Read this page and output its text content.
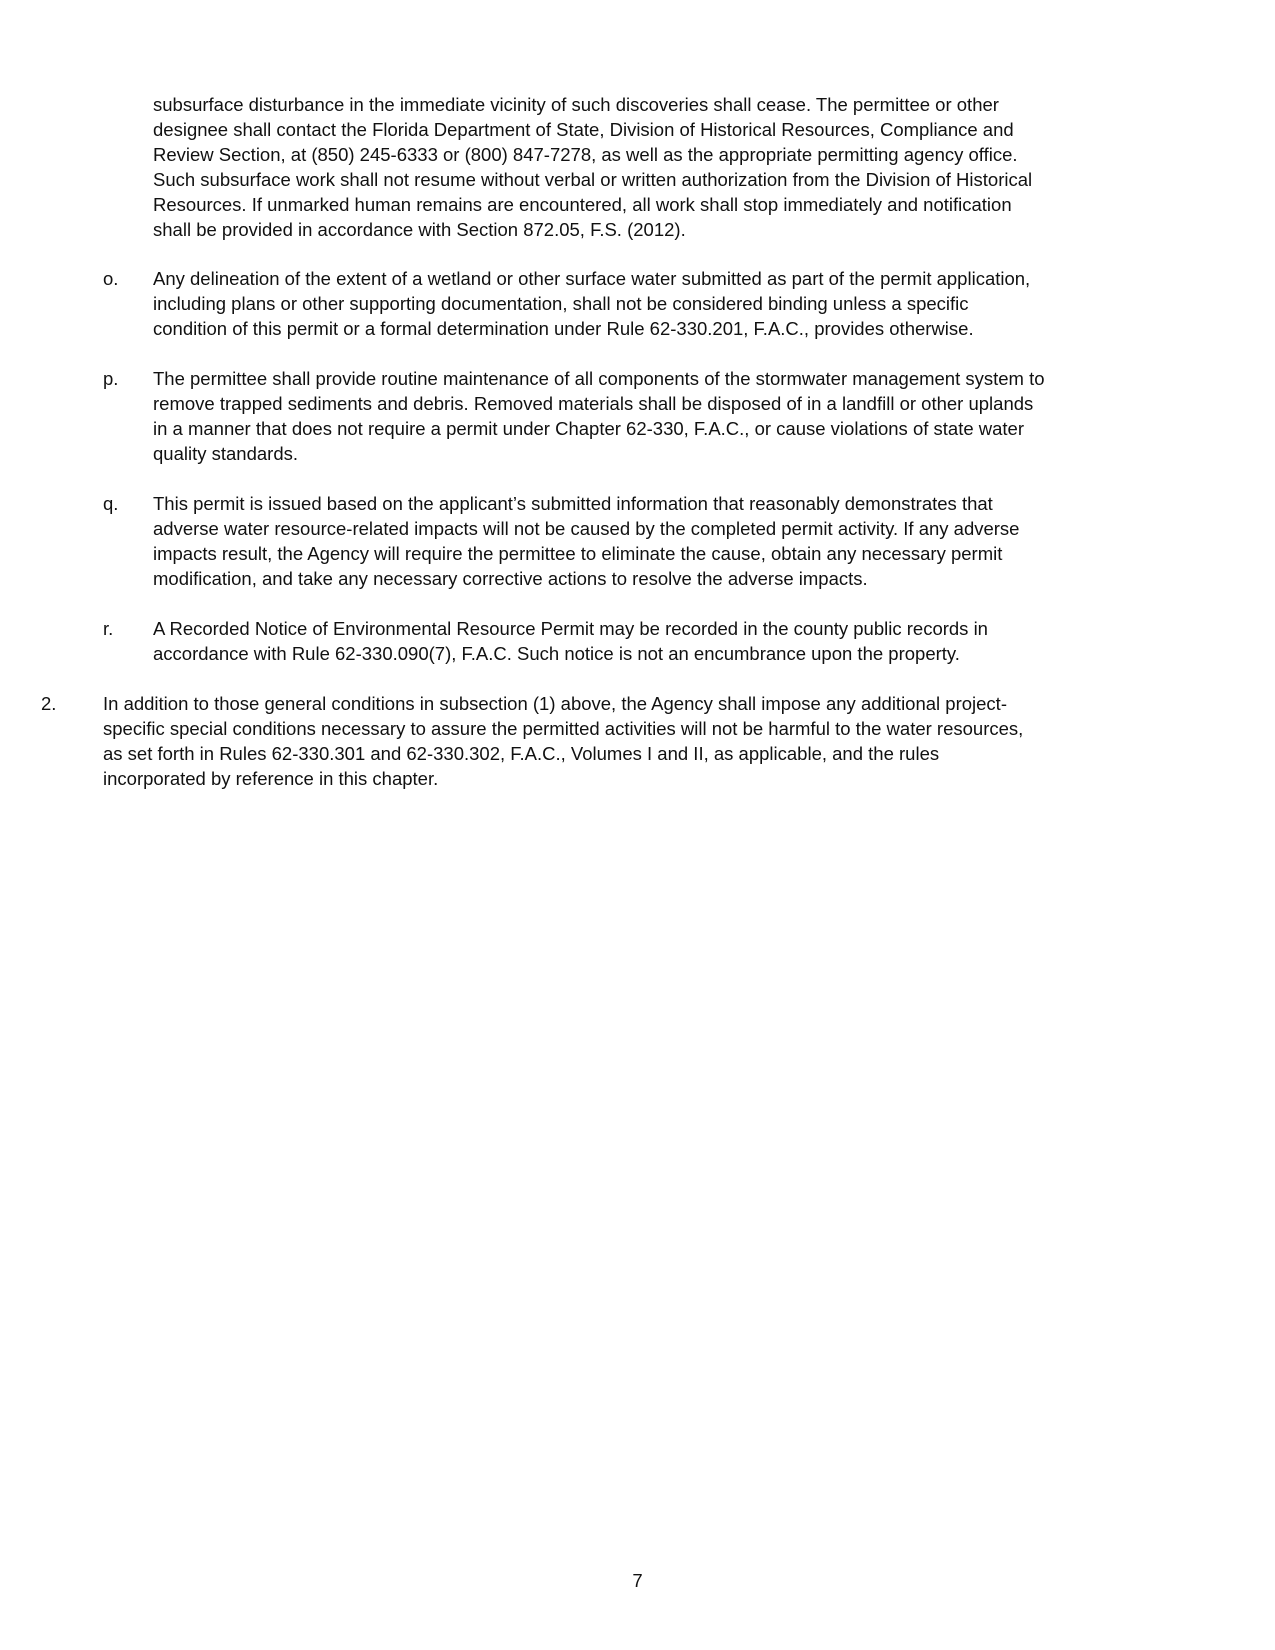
subsurface disturbance in the immediate vicinity of such discoveries shall cease. The permittee or other
designee shall contact the Florida Department of State, Division of Historical Resources, Compliance and
Review Section, at (850) 245-6333 or (800) 847-7278, as well as the appropriate permitting agency office.
Such subsurface work shall not resume without verbal or written authorization from the Division of Historical
Resources. If unmarked human remains are encountered, all work shall stop immediately and notification
shall be provided in accordance with Section 872.05, F.S. (2012).
o. Any delineation of the extent of a wetland or other surface water submitted as part of the permit application,
including plans or other supporting documentation, shall not be considered binding unless a specific
condition of this permit or a formal determination under Rule 62-330.201, F.A.C., provides otherwise.
p. The permittee shall provide routine maintenance of all components of the stormwater management system to
remove trapped sediments and debris. Removed materials shall be disposed of in a landfill or other uplands
in a manner that does not require a permit under Chapter 62-330, F.A.C., or cause violations of state water
quality standards.
q. This permit is issued based on the applicant’s submitted information that reasonably demonstrates that
adverse water resource-related impacts will not be caused by the completed permit activity. If any adverse
impacts result, the Agency will require the permittee to eliminate the cause, obtain any necessary permit
modification, and take any necessary corrective actions to resolve the adverse impacts.
r. A Recorded Notice of Environmental Resource Permit may be recorded in the county public records in
accordance with Rule 62-330.090(7), F.A.C. Such notice is not an encumbrance upon the property.
2.	In addition to those general conditions in subsection (1) above, the Agency shall impose any additional project-
specific special conditions necessary to assure the permitted activities will not be harmful to the water resources,
as set forth in Rules 62-330.301 and 62-330.302, F.A.C., Volumes I and II, as applicable, and the rules
incorporated by reference in this chapter.
7
